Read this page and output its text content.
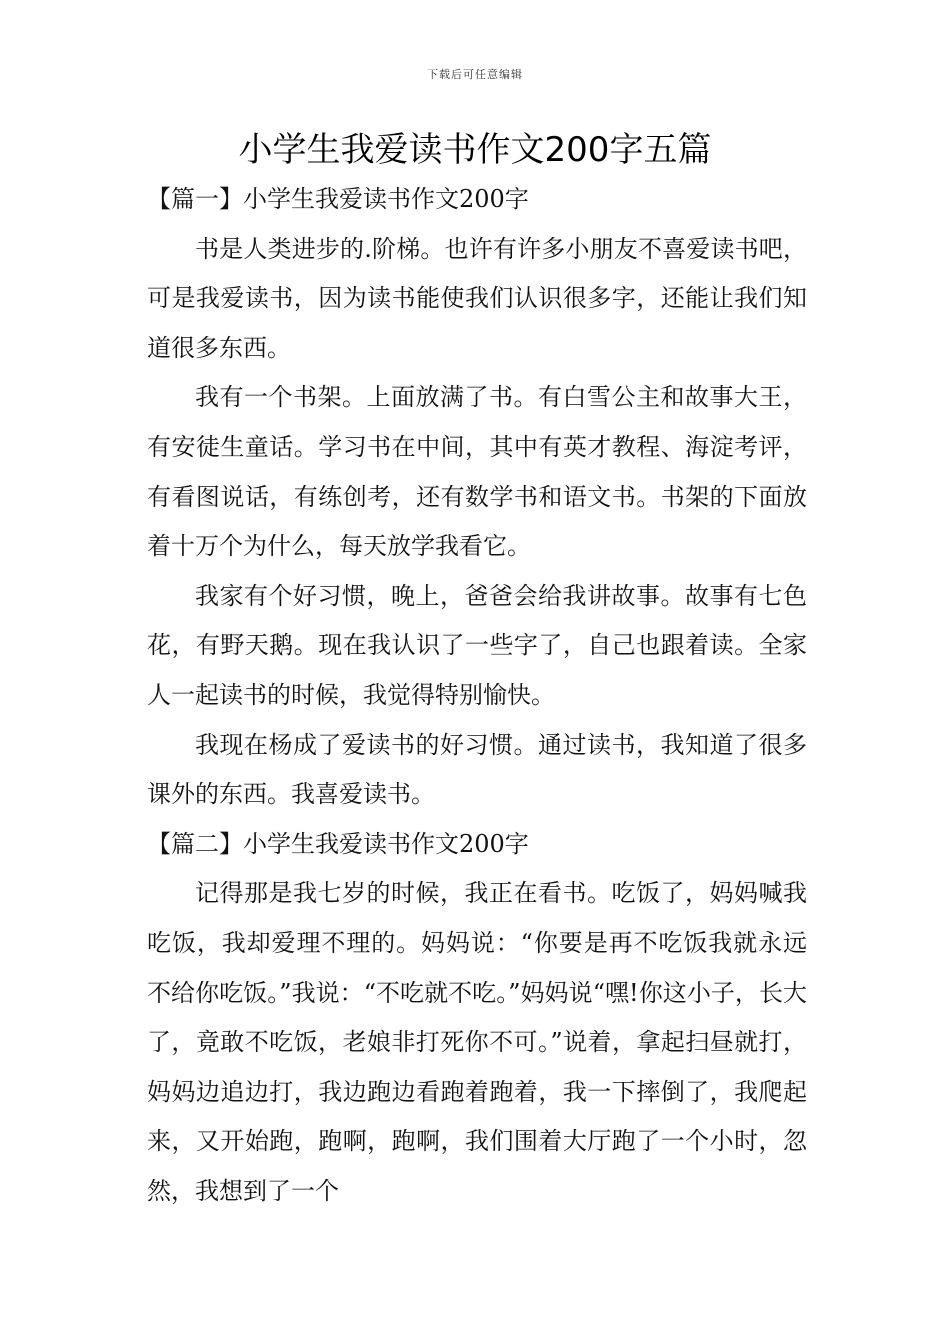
下载后可任意编辑
小学生我爱读书作文200字五篇
【篇一】小学生我爱读书作文200字

书是人类进步的.阶梯。也许有许多小朋友不喜爱读书吧，可是我爱读书，因为读书能使我们认识很多字，还能让我们知道很多东西。

我有一个书架。上面放满了书。有白雪公主和故事大王，有安徒生童话。学习书在中间，其中有英才教程、海淀考评，有看图说话，有练创考，还有数学书和语文书。书架的下面放着十万个为什么，每天放学我看它。

我家有个好习惯，晚上，爸爸会给我讲故事。故事有七色花，有野天鹅。现在我认识了一些字了，自己也跟着读。全家人一起读书的时候，我觉得特别愉快。

我现在杨成了爱读书的好习惯。通过读书，我知道了很多课外的东西。我喜爱读书。

【篇二】小学生我爱读书作文200字

记得那是我七岁的时候，我正在看书。吃饭了，妈妈喊我吃饭，我却爱理不理的。妈妈说：“你要是再不吃饭我就永远不给你吃饭。”我说：“不吃就不吃。”妈妈说“嘿!你这小子，长大了，竟敢不吃饭，老娘非打死你不可。”说着，拿起扫昼就打，妈妈边追边打，我边跑边看跑着跑着，我一下摔倒了，我爬起来，又开始跑，跑啊，跑啊，我们围着大厅跑了一个小时，忽然，我想到了一个
